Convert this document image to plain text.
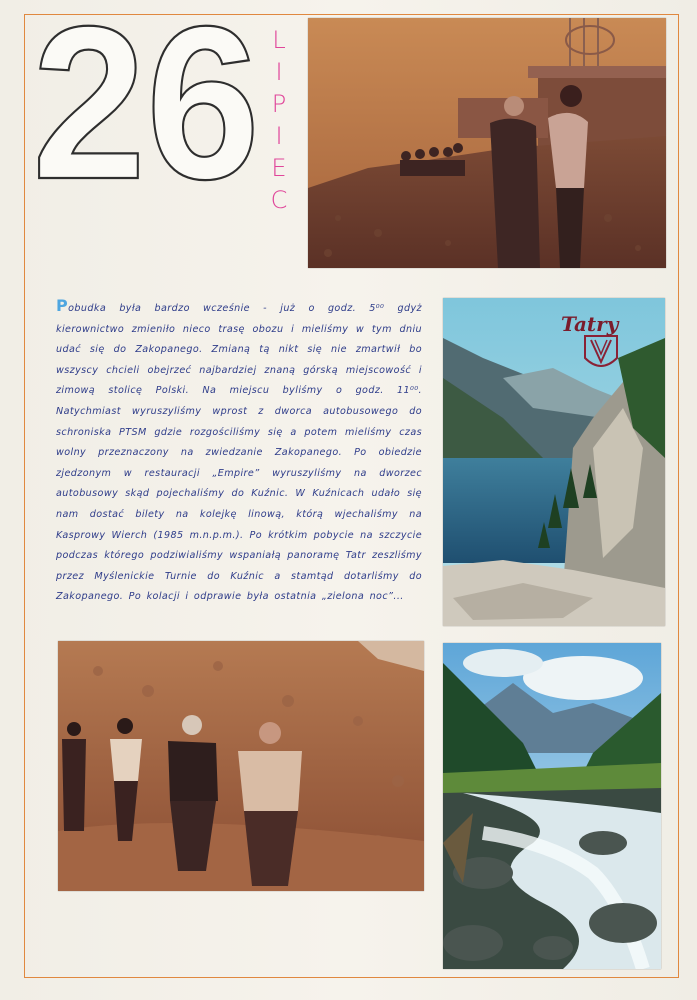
26 L
I
P
I
E
C
Pobudka była bardzo wcześnie - już o godz. 5⁰⁰ gdyż kierownictwo zmieniło nieco trasę obozu i mieliśmy w tym dniu udać się do Zakopanego. Zmianą tą nikt się nie zmartwił bo wszyscy chcieli obejrzeć najbardziej znaną górską miejscowość i zimową stolicę Polski. Na miejscu byliśmy o godz. 11⁰⁰. Natychmiast wyruszyliśmy wprost z dworca autobusowego do schroniska PTSM gdzie rozgościliśmy się a potem mieliśmy czas wolny przeznaczony na zwiedzanie Zakopanego. Po obiedzie zjedzonym w restauracji „Empire” wyruszyliśmy na dworzec autobusowy skąd pojechaliśmy do Kuźnic. W Kuźnicach udało się nam dostać bilety na kolejkę linową, którą wjechaliśmy na Kasprowy Wierch (1985 m.n.p.m.). Po krótkim pobycie na szczycie podczas którego podziwialiśmy wspaniałą panoramę Tatr zeszliśmy przez Myślenickie Turnie do Kuźnic a stamtąd dotarliśmy do Zakopanego. Po kolacji i odprawie była ostatnia „zielona noc”...
Tatry
